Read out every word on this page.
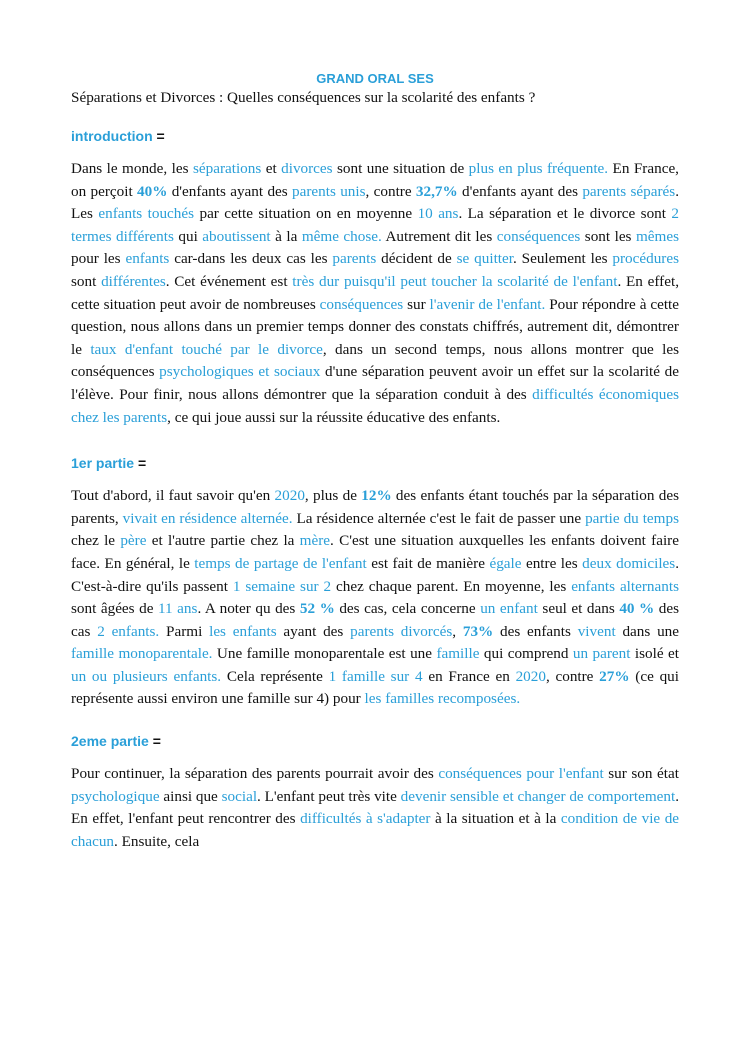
GRAND ORAL SES

Séparations et Divorces : Quelles conséquences sur la scolarité des enfants ?

introduction =

Dans le monde, les séparations et divorces sont une situation de plus en plus fréquente. En France, on perçoit 40% d'enfants ayant des parents unis, contre 32,7% d'enfants ayant des parents séparés. Les enfants touchés par cette situation on en moyenne 10 ans. La séparation et le divorce sont 2 termes différents qui aboutissent à la même chose. Autrement dit les conséquences sont les mêmes pour les enfants car-dans les deux cas les parents décident de se quitter. Seulement les procédures sont différentes. Cet événement est très dur puisqu'il peut toucher la scolarité de l'enfant. En effet, cette situation peut avoir de nombreuses conséquences sur l'avenir de l'enfant. Pour répondre à cette question, nous allons dans un premier temps donner des constats chiffrés, autrement dit, démontrer le taux d'enfant touché par le divorce, dans un second temps, nous allons montrer que les conséquences psychologiques et sociaux d'une séparation peuvent avoir un effet sur la scolarité de l'élève. Pour finir, nous allons démontrer que la séparation conduit à des difficultés économiques chez les parents, ce qui joue aussi sur la réussite éducative des enfants.

1er partie =

Tout d'abord, il faut savoir qu'en 2020, plus de 12% des enfants étant touchés par la séparation des parents, vivait en résidence alternée. La résidence alternée c'est le fait de passer une partie du temps chez le père et l'autre partie chez la mère. C'est une situation auxquelles les enfants doivent faire face. En général, le temps de partage de l'enfant est fait de manière égale entre les deux domiciles. C'est-à-dire qu'ils passent 1 semaine sur 2 chez chaque parent. En moyenne, les enfants alternants sont âgées de 11 ans. A noter qu des 52 % des cas, cela concerne un enfant seul et dans 40 % des cas 2 enfants. Parmi les enfants ayant des parents divorcés, 73% des enfants vivent dans une famille monoparentale. Une famille monoparentale est une famille qui comprend un parent isolé et un ou plusieurs enfants. Cela représente 1 famille sur 4 en France en 2020, contre 27% (ce qui représente aussi environ une famille sur 4) pour les familles recomposées.

2eme partie =

Pour continuer, la séparation des parents pourrait avoir des conséquences pour l'enfant sur son état psychologique ainsi que social. L'enfant peut très vite devenir sensible et changer de comportement. En effet, l'enfant peut rencontrer des difficultés à s'adapter à la situation et à la condition de vie de chacun. Ensuite, cela
